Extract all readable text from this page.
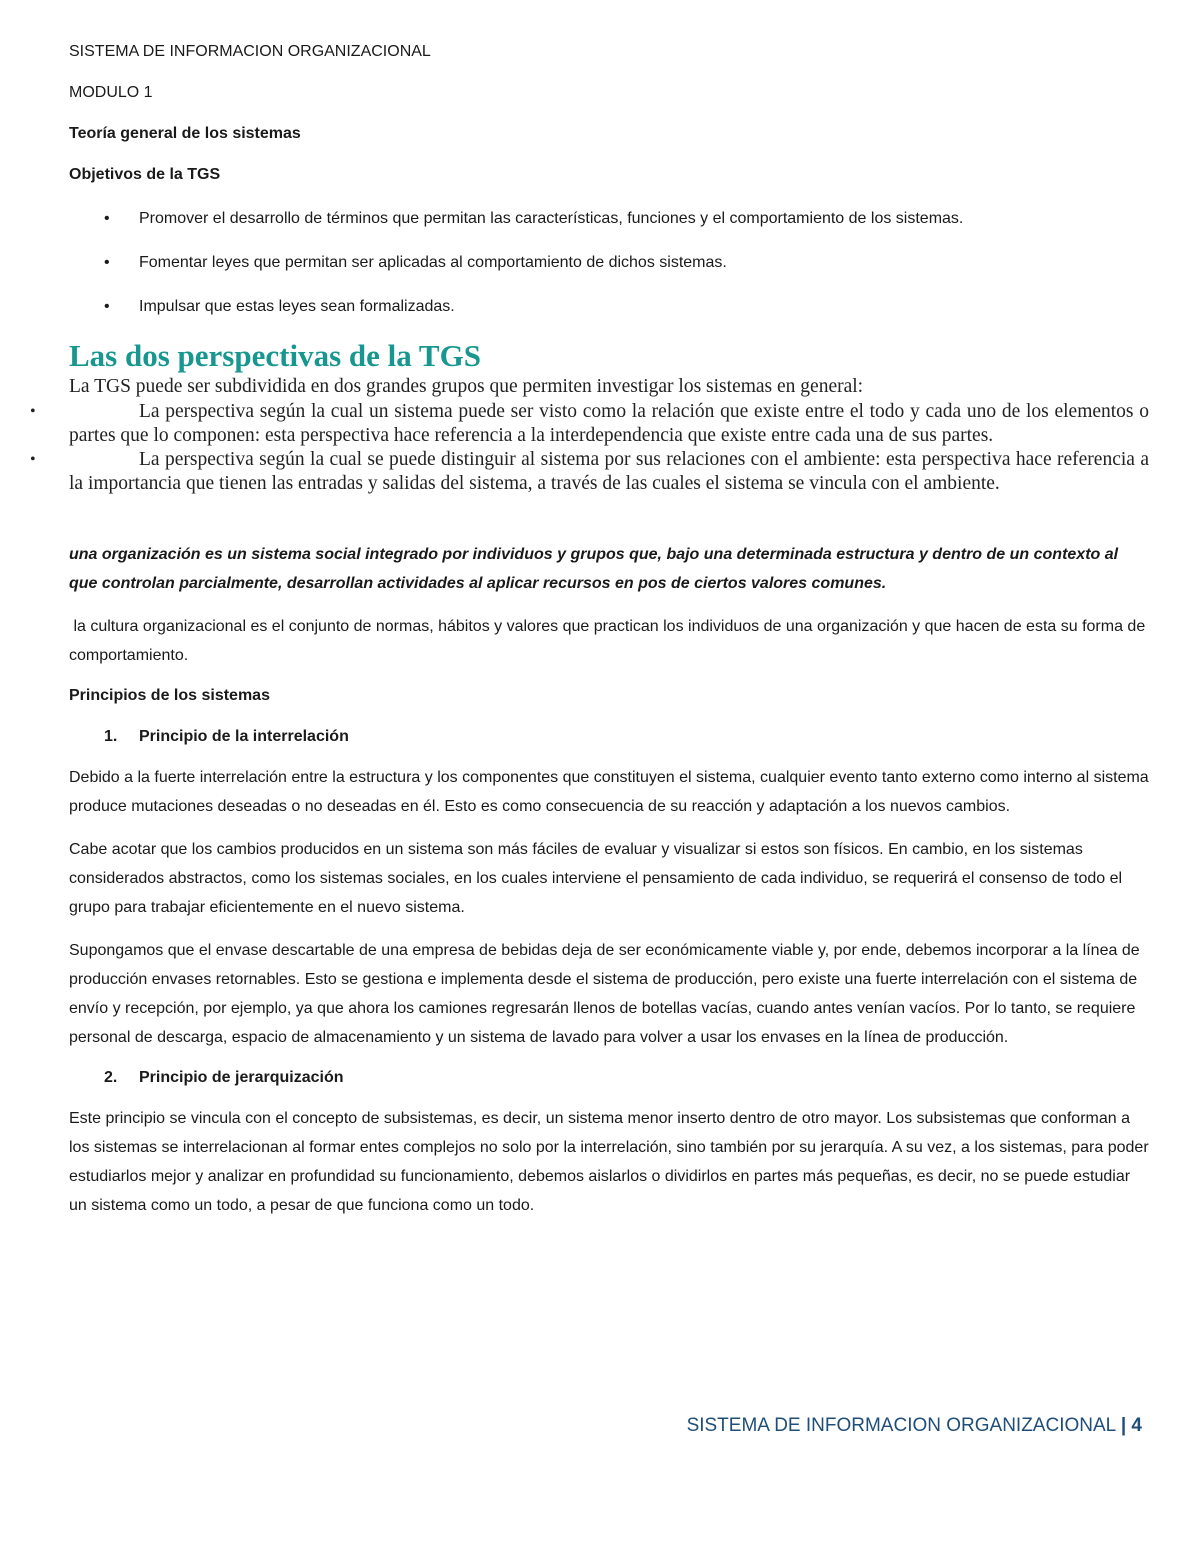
SISTEMA DE INFORMACION ORGANIZACIONAL

MODULO 1

Teoría general de los sistemas

Objetivos de la TGS

• Promover el desarrollo de términos que permitan las características, funciones y el comportamiento de los sistemas.
• Fomentar leyes que permitan ser aplicadas al comportamiento de dichos sistemas.
• Impulsar que estas leyes sean formalizadas.
Las dos perspectivas de la TGS

La TGS puede ser subdividida en dos grandes grupos que permiten investigar los sistemas en general:

•	La perspectiva según la cual un sistema puede ser visto como la relación que existe entre el todo y cada uno de los elementos o partes que lo componen: esta perspectiva hace referencia a la interdependencia que existe entre cada una de sus partes.

•	La perspectiva según la cual se puede distinguir al sistema por sus relaciones con el ambiente: esta perspectiva hace referencia a la importancia que tienen las entradas y salidas del sistema, a través de las cuales el sistema se vincula con el ambiente.

una organización es un sistema social integrado por individuos y grupos que, bajo una determinada estructura y dentro de un contexto al que controlan parcialmente, desarrollan actividades al aplicar recursos en pos de ciertos valores comunes.

la cultura organizacional es el conjunto de normas, hábitos y valores que practican los individuos de una organización y que hacen de esta su forma de comportamiento.

Principios de los sistemas

1. Principio de la interrelación

Debido a la fuerte interrelación entre la estructura y los componentes que constituyen el sistema, cualquier evento tanto externo como interno al sistema produce mutaciones deseadas o no deseadas en él. Esto es como consecuencia de su reacción y adaptación a los nuevos cambios.

Cabe acotar que los cambios producidos en un sistema son más fáciles de evaluar y visualizar si estos son físicos. En cambio, en los sistemas considerados abstractos, como los sistemas sociales, en los cuales interviene el pensamiento de cada individuo, se requerirá el consenso de todo el grupo para trabajar eficientemente en el nuevo sistema.

Supongamos que el envase descartable de una empresa de bebidas deja de ser económicamente viable y, por ende, debemos incorporar a la línea de producción envases retornables. Esto se gestiona e implementa desde el sistema de producción, pero existe una fuerte interrelación con el sistema de envío y recepción, por ejemplo, ya que ahora los camiones regresarán llenos de botellas vacías, cuando antes venían vacíos. Por lo tanto, se requiere personal de descarga, espacio de almacenamiento y un sistema de lavado para volver a usar los envases en la línea de producción.

2. Principio de jerarquización

Este principio se vincula con el concepto de subsistemas, es decir, un sistema menor inserto dentro de otro mayor. Los subsistemas que conforman a los sistemas se interrelacionan al formar entes complejos no solo por la interrelación, sino también por su jerarquía. A su vez, a los sistemas, para poder estudiarlos mejor y analizar en profundidad su funcionamiento, debemos aislarlos o dividirlos en partes más pequeñas, es decir, no se puede estudiar un sistema como un todo, a pesar de que funciona como un todo.

SISTEMA DE INFORMACION ORGANIZACIONAL | 4
